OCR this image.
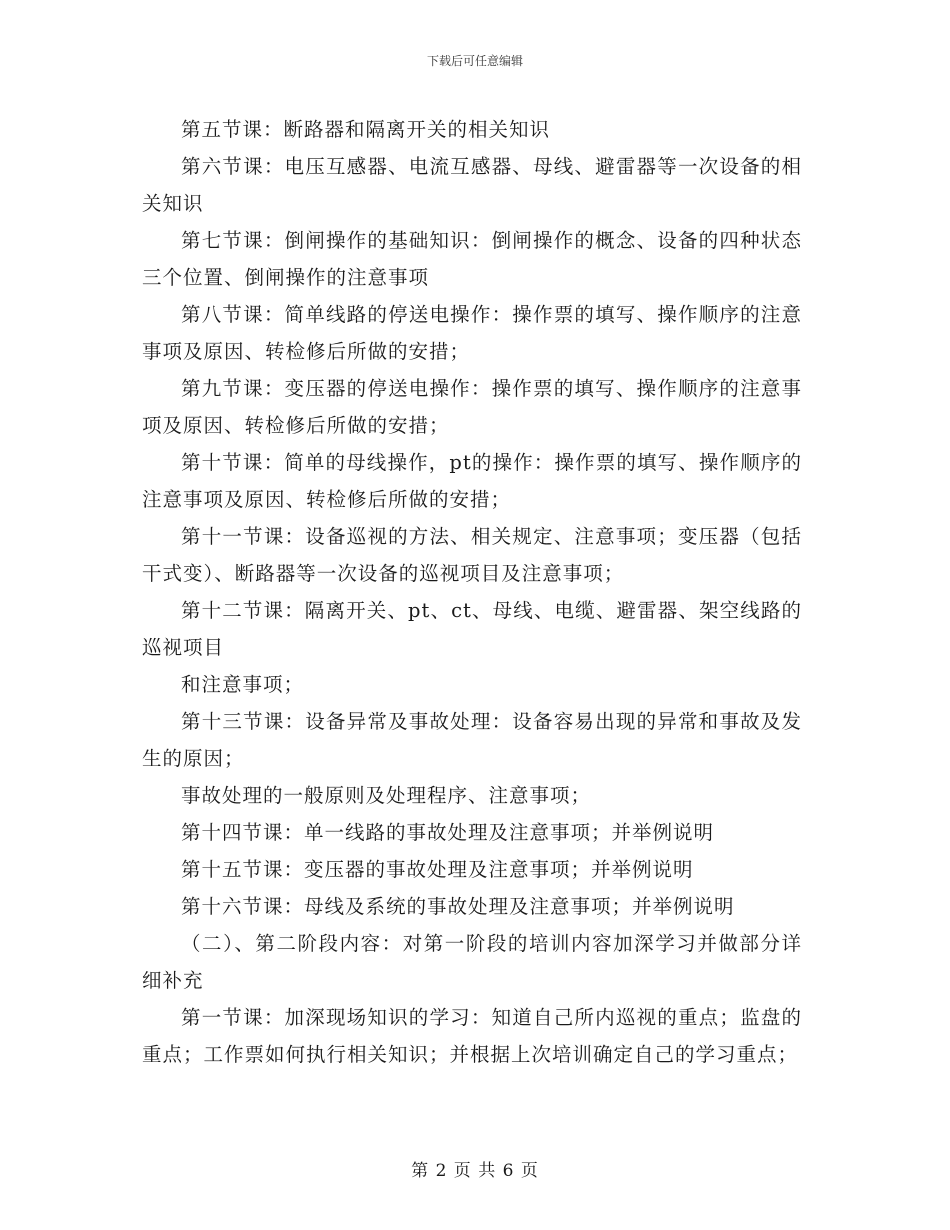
下载后可任意编辑

第五节课：断路器和隔离开关的相关知识

第六节课：电压互感器、电流互感器、母线、避雷器等一次设备的相关知识

第七节课：倒闸操作的基础知识：倒闸操作的概念、设备的四种状态三个位置、倒闸操作的注意事项

第八节课：简单线路的停送电操作：操作票的填写、操作顺序的注意事项及原因、转检修后所做的安措；

第九节课：变压器的停送电操作：操作票的填写、操作顺序的注意事项及原因、转检修后所做的安措；

第十节课：简单的母线操作，pt的操作：操作票的填写、操作顺序的注意事项及原因、转检修后所做的安措；

第十一节课：设备巡视的方法、相关规定、注意事项；变压器（包括干式变）、断路器等一次设备的巡视项目及注意事项；

第十二节课：隔离开关、pt、ct、母线、电缆、避雷器、架空线路的巡视项目

和注意事项；

第十三节课：设备异常及事故处理：设备容易出现的异常和事故及发生的原因；

事故处理的一般原则及处理程序、注意事项；

第十四节课：单一线路的事故处理及注意事项；并举例说明

第十五节课：变压器的事故处理及注意事项；并举例说明

第十六节课：母线及系统的事故处理及注意事项；并举例说明

（二）、第二阶段内容：对第一阶段的培训内容加深学习并做部分详细补充

第一节课：加深现场知识的学习：知道自己所内巡视的重点；监盘的重点；工作票如何执行相关知识；并根据上次培训确定自己的学习重点；

第 2 页 共 6 页
